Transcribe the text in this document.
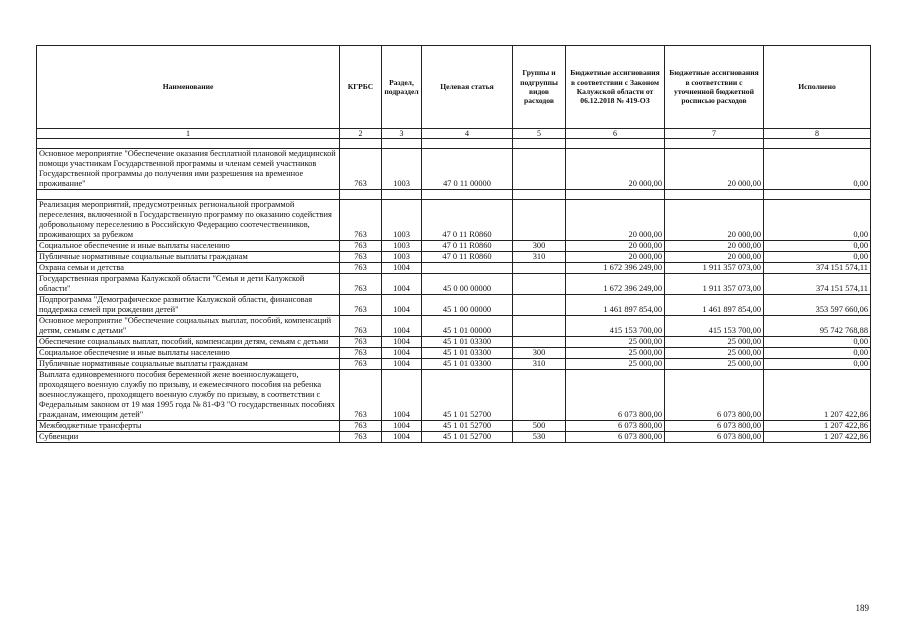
Наименование	КГРБС	Раздел, подраздел	Целевая статья	Группы и подгруппы видов расходов	Бюджетные ассигнования в соответствии с Законом Калужской области от 06.12.2018 № 419-ОЗ	Бюджетные ассигнования в соответствии с уточненной бюджетной росписью расходов	Исполнено
1	2	3	4	5	6	7	8

Основное мероприятие "Обеспечение оказания бесплатной плановой медицинской помощи участникам Государственной программы и членам семей участников Государственной программы до получения ими разрешения на временное проживание"	763	1003	47 0 11 00000		20 000,00	20 000,00	0,00

Реализация мероприятий, предусмотренных региональной программой переселения, включенной в Государственную программу по оказанию содействия добровольному переселению в Российскую Федерацию соотечественников, проживающих за рубежом	763	1003	47 0 11 R0860		20 000,00	20 000,00	0,00
Социальное обеспечение и иные выплаты населению	763	1003	47 0 11 R0860	300	20 000,00	20 000,00	0,00
Публичные нормативные социальные выплаты гражданам	763	1003	47 0 11 R0860	310	20 000,00	20 000,00	0,00
Охрана семьи и детства	763	1004			1 672 396 249,00	1 911 357 073,00	374 151 574,11
Государственная программа Калужской области "Семья и дети Калужской области"	763	1004	45 0 00 00000		1 672 396 249,00	1 911 357 073,00	374 151 574,11
Подпрограмма "Демографическое развитие Калужской области, финансовая поддержка семей при рождении детей"	763	1004	45 1 00 00000		1 461 897 854,00	1 461 897 854,00	353 597 660,06
Основное мероприятие "Обеспечение социальных выплат, пособий, компенсаций детям, семьям с детьми"	763	1004	45 1 01 00000		415 153 700,00	415 153 700,00	95 742 768,88
Обеспечение социальных выплат, пособий, компенсации детям, семьям с детьми	763	1004	45 1 01 03300		25 000,00	25 000,00	0,00
Социальное обеспечение и иные выплаты населению	763	1004	45 1 01 03300	300	25 000,00	25 000,00	0,00
Публичные нормативные социальные выплаты гражданам	763	1004	45 1 01 03300	310	25 000,00	25 000,00	0,00
Выплата единовременного пособия беременной жене военнослужащего, проходящего военную службу по призыву, и ежемесячного пособия на ребенка военнослужащего, проходящего военную службу по призыву, в соответствии с Федеральным законом от 19 мая 1995 года № 81-ФЗ "О государственных пособиях гражданам, имеющим детей"	763	1004	45 1 01 52700		6 073 800,00	6 073 800,00	1 207 422,86
Межбюджетные трансферты	763	1004	45 1 01 52700	500	6 073 800,00	6 073 800,00	1 207 422,86
Субвенции	763	1004	45 1 01 52700	530	6 073 800,00	6 073 800,00	1 207 422,86
189
